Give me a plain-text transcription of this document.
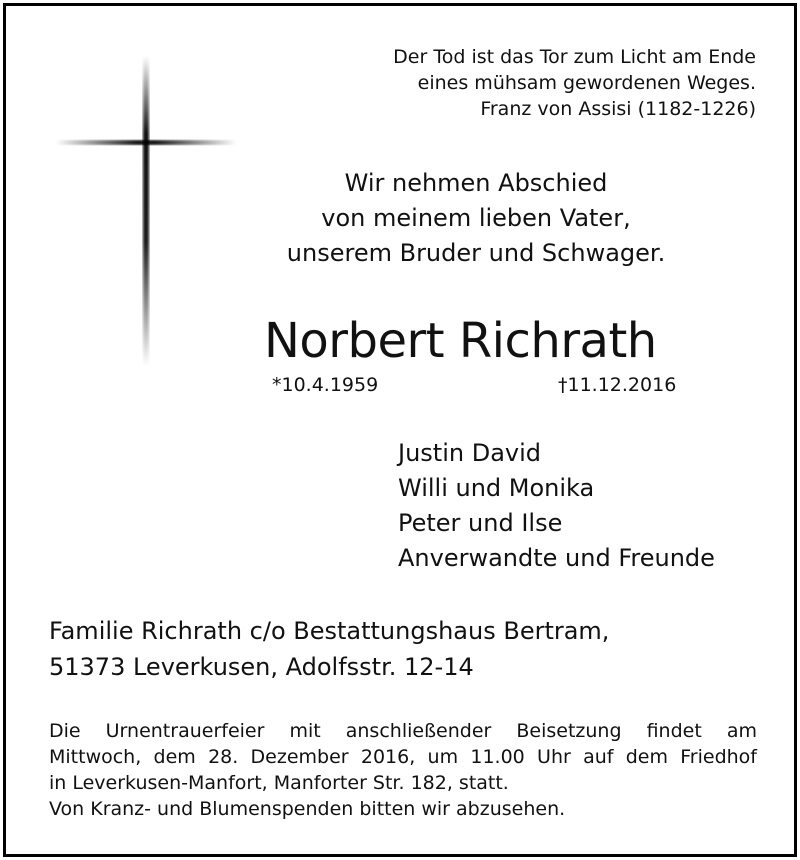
Der Tod ist das Tor zum Licht am Ende
eines mühsam gewordenen Weges.
Franz von Assisi (1182-1226)
Wir nehmen Abschied
von meinem lieben Vater,
unserem Bruder und Schwager.
Norbert Richrath
*10.4.1959	†11.12.2016
Justin David
Willi und Monika
Peter und Ilse
Anverwandte und Freunde
Familie Richrath c/o Bestattungshaus Bertram,
51373 Leverkusen, Adolfsstr. 12-14
Die Urnentrauerfeier mit anschließender Beisetzung findet am
Mittwoch, dem 28. Dezember 2016, um 11.00 Uhr auf dem Friedhof
in Leverkusen-Manfort, Manforter Str. 182, statt.
Von Kranz- und Blumenspenden bitten wir abzusehen.
